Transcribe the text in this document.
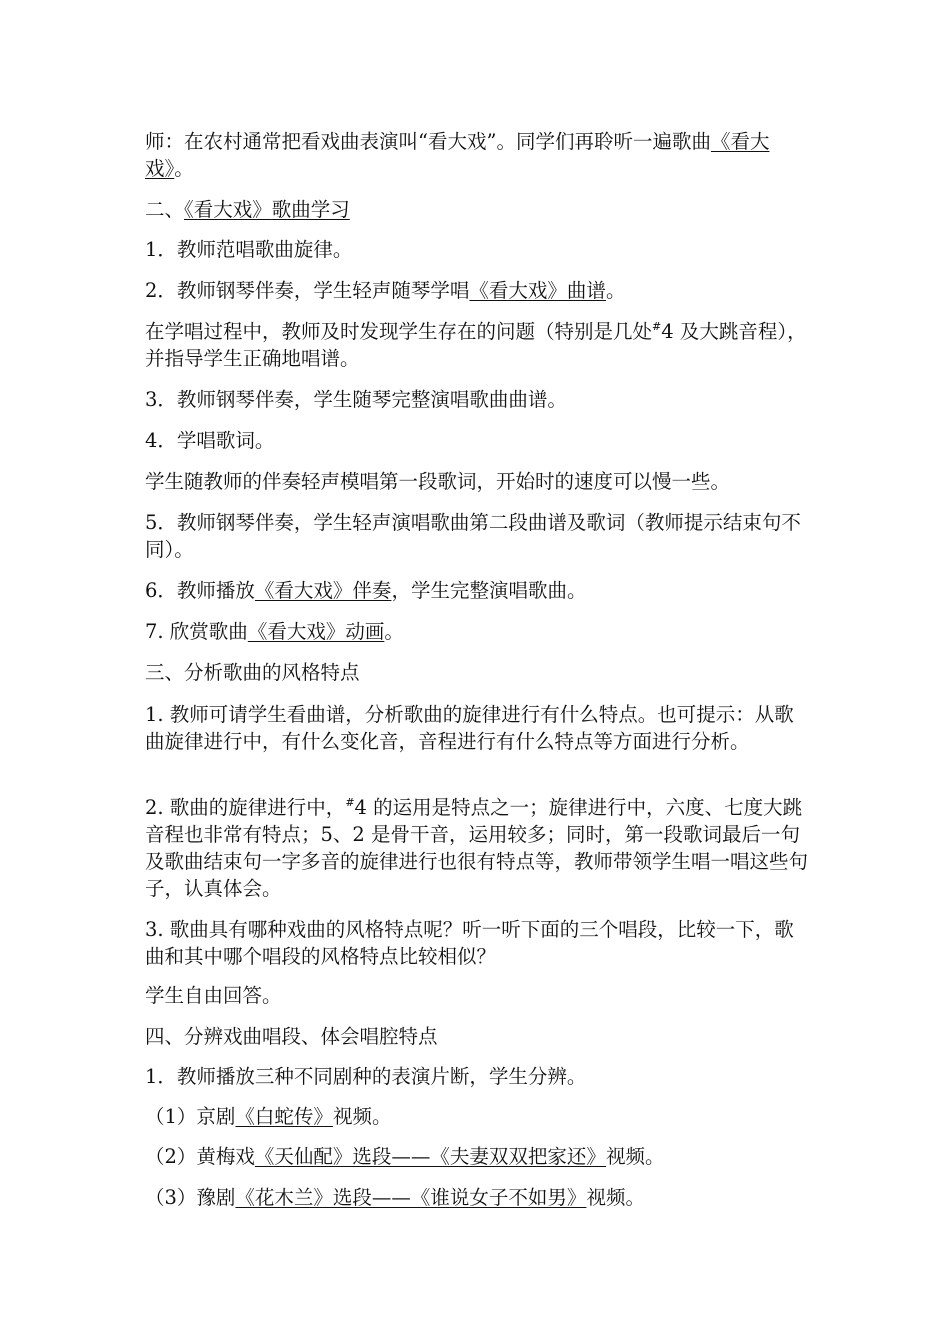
师：在农村通常把看戏曲表演叫“看大戏”。同学们再聆听一遍歌曲《看大戏》。

二、《看大戏》歌曲学习

1．教师范唱歌曲旋律。

2．教师钢琴伴奏，学生轻声随琴学唱《看大戏》曲谱。

在学唱过程中，教师及时发现学生存在的问题（特别是几处#4 及大跳音程），并指导学生正确地唱谱。

3．教师钢琴伴奏，学生随琴完整演唱歌曲曲谱。

4．学唱歌词。

学生随教师的伴奏轻声模唱第一段歌词，开始时的速度可以慢一些。

5．教师钢琴伴奏，学生轻声演唱歌曲第二段曲谱及歌词（教师提示结束句不同）。

6．教师播放《看大戏》伴奏，学生完整演唱歌曲。

7. 欣赏歌曲《看大戏》动画。

三、分析歌曲的风格特点

1. 教师可请学生看曲谱，分析歌曲的旋律进行有什么特点。也可提示：从歌曲旋律进行中，有什么变化音，音程进行有什么特点等方面进行分析。

2. 歌曲的旋律进行中，#4 的运用是特点之一；旋律进行中，六度、七度大跳音程也非常有特点；5、2 是骨干音，运用较多；同时，第一段歌词最后一句及歌曲结束句一字多音的旋律进行也很有特点等，教师带领学生唱一唱这些句子，认真体会。

3. 歌曲具有哪种戏曲的风格特点呢？听一听下面的三个唱段，比较一下，歌曲和其中哪个唱段的风格特点比较相似？

学生自由回答。

四、分辨戏曲唱段、体会唱腔特点

1．教师播放三种不同剧种的表演片断，学生分辨。

（1）京剧《白蛇传》视频。

（2）黄梅戏《天仙配》选段——《夫妻双双把家还》视频。

（3）豫剧《花木兰》选段——《谁说女子不如男》视频。
